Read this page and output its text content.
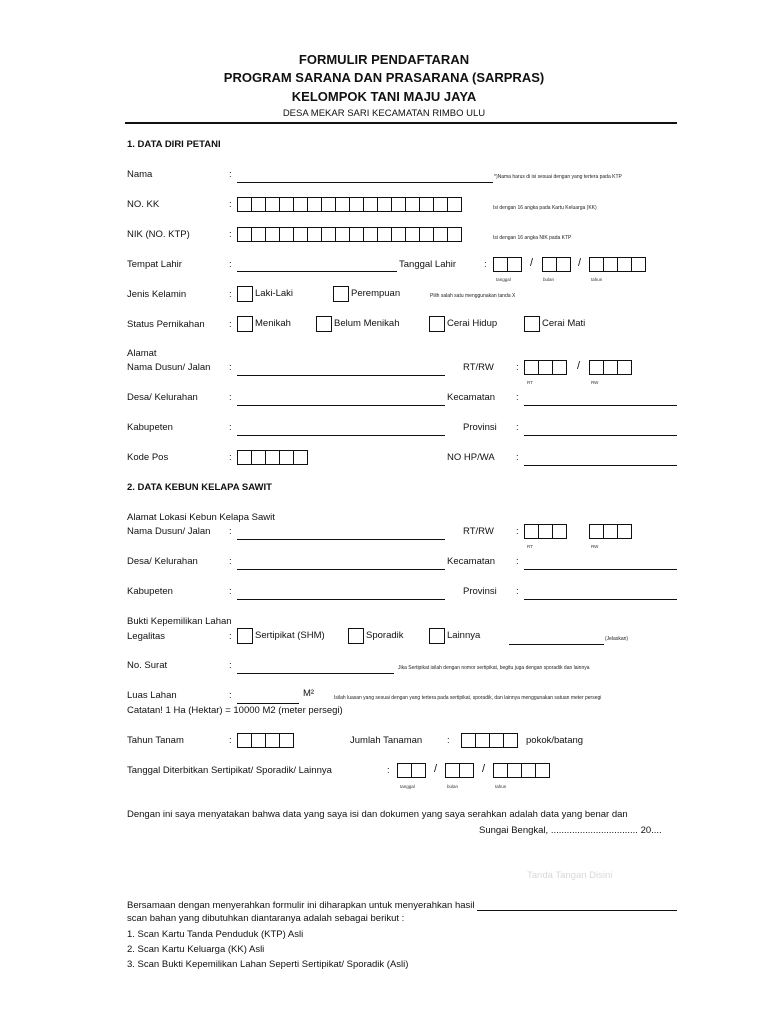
FORMULIR PENDAFTARAN
PROGRAM SARANA DAN PRASARANA (SARPRAS)
KELOMPOK TANI MAJU JAYA
DESA MEKAR SARI KECAMATAN RIMBO ULU
1. DATA DIRI PETANI
Nama	:	*)Nama harus di isi sesuai dengan yang tertera pada KTP
NO. KK	:	Isi dengan 16 angka pada Kartu Keluarga (KK)
NIK (NO. KTP)	:	Isi dengan 16 angka NIK pada KTP
Tempat Lahir	:	Tanggal Lahir	:	/	/
tanggal	bulan	tahun
Jenis Kelamin	: Laki-Laki	Perempuan	Pilih salah satu menggunakan tanda X
Status Pernikahan	: Menikah	Belum Menikah	Cerai Hidup	Cerai Mati
Alamat
Nama Dusun/ Jalan :	RT/RW :	/
RT	RW
Desa/ Kelurahan	:	Kecamatan :
Kabupeten	:	Provinsi :
Kode Pos	:	NO HP/WA :
2. DATA KEBUN KELAPA SAWIT
Alamat Lokasi Kebun Kelapa Sawit
Nama Dusun/ Jalan :	RT/RW :
RT	RW
Desa/ Kelurahan	:	Kecamatan :
Kabupeten	:	Provinsi :
Bukti Kepemilikan Lahan
Legalitas	: Sertipikat (SHM)	Sporadik	Lainnya	(Jelaskan)
No. Surat	:	Jika Sertipikat isilah dengan nomor sertipikat, begitu juga dengan sporadik dan lainnya
Luas Lahan	:	M²	Isilah luasan yang sesuai dengan yang tertera pada sertipikat, sporadik, dan lainnya menggunakan satuan meter persegi
Catatan! 1 Ha (Hektar) = 10000 M2 (meter persegi)
Tahun Tanam	:	Jumlah Tanaman	:	pokok/batang
Tanggal Diterbitkan Sertipikat/ Sporadik/ Lainnya	:	/	/
tanggal	bulan	tahun
Dengan ini saya menyatakan bahwa data yang saya isi dan dokumen yang saya serahkan adalah data yang benar dan
Sungai Bengkal, ................................. 20....
Tanda Tangan Disini
Bersamaan dengan menyerahkan formulir ini diharapkan untuk menyerahkan hasil
scan bahan yang dibutuhkan diantaranya adalah sebagai berikut :
1. Scan Kartu Tanda Penduduk (KTP) Asli
2. Scan Kartu Keluarga (KK) Asli
3. Scan Bukti Kepemilikan Lahan Seperti Sertipikat/ Sporadik (Asli)
